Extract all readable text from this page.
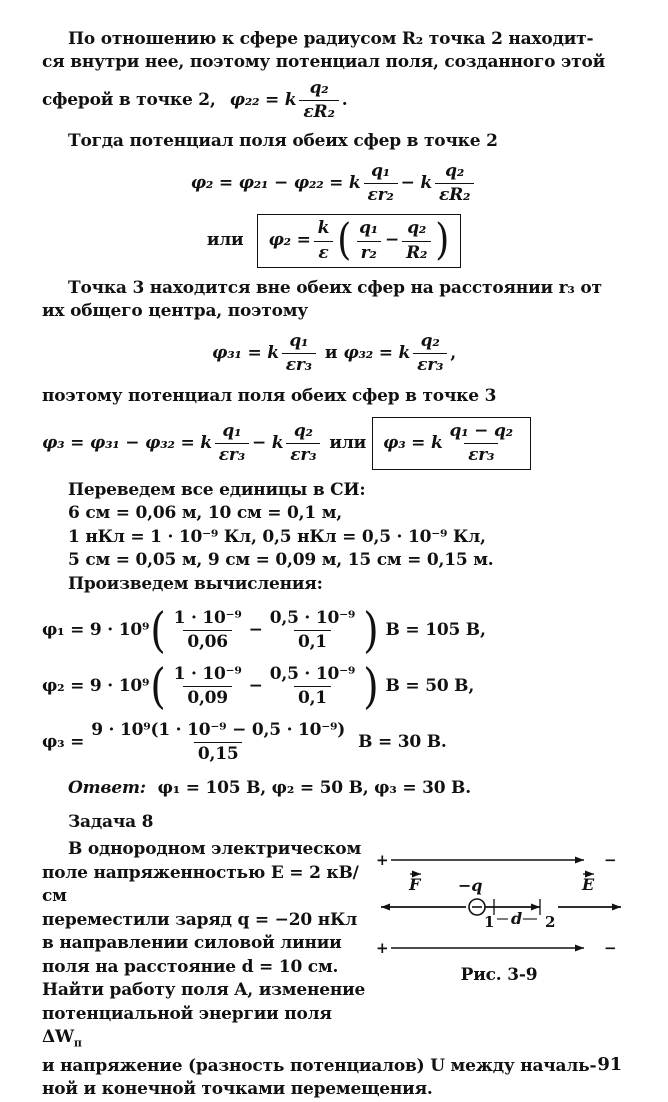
По отношению к сфере радиусом R₂ точка 2 находит-
ся внутри нее, поэтому потенциал поля, созданного этой
сферой в точке 2, φ₂₂ = k $\frac{\text{q₂}}{\text{εR₂}}$ .
Тогда потенциал поля обеих сфер в точке 2
φ₂ = φ₂₁ − φ₂₂ = k $\frac{\text{q₁}}{\text{εr₂}} - k \frac{\text{q₂}}{\text{εR₂}}$
или $\varphi_2 = \frac{k}{\varepsilon}$ ( $\frac{\text{q₁}}{\text{r₂}} - \frac{\text{q₂}}{\text{R₂}}$ )
Точка 3 находится вне обеих сфер на расстоянии r₃ от
их общего центра, поэтому
φ₃₁ = k $\frac{\text{q₁}}{\text{εr₃}}$ и φ₃₂ = k $\frac{\text{q₂}}{\text{εr₃}}$ ,
поэтому потенциал поля обеих сфер в точке 3
φ₃ = φ₃₁ − φ₃₂ = k $\frac{\text{q₁}}{\text{εr₃}} - k \frac{\text{q₂}}{\text{εr₃}}$ или φ₃ = k $\frac{\text{q₁ − q₂}}{\text{εr₃}}$
Переведем все единицы в СИ:
6 см = 0,06 м, 10 см = 0,1 м,
1 нКл = 1 · 10⁻⁹ Кл, 0,5 нКл = 0,5 · 10⁻⁹ Кл,
5 см = 0,05 м, 9 см = 0,09 м, 15 см = 0,15 м.
Произведем вычисления:
φ₁ = 9 · 10⁹ ( $\frac{\text{1 · 10⁻⁹}}{0,06} - \frac{\text{0,5 · 10⁻⁹}}{0,1}$ ) В = 105 В,
φ₂ = 9 · 10⁹ ( $\frac{\text{1 · 10⁻⁹}}{0,09} - \frac{\text{0,5 · 10⁻⁹}}{0,1}$ ) В = 50 В,
$\varphi_3 = \frac{\text{9 · 10⁹(1 · 10⁻⁹ − 0,5 · 10⁻⁹)}}{0,15}$ В = 30 В.
Ответ: φ₁ = 105 В, φ₂ = 50 В, φ₃ = 30 В.
Задача 8
В однородном электрическом
поле напряженностью E = 2 кВ/см
переместили заряд q = −20 нКл
в направлении силовой линии
поля на расстояние d = 10 см.
Найти работу поля A, изменение
потенциальной энергии поля $\Delta W_п$
+	−
F −q
1	2
d
E
+	−
Рис. 3-9
и напряжение (разность потенциалов) U между началь-
ной и конечной точками перемещения.
91
